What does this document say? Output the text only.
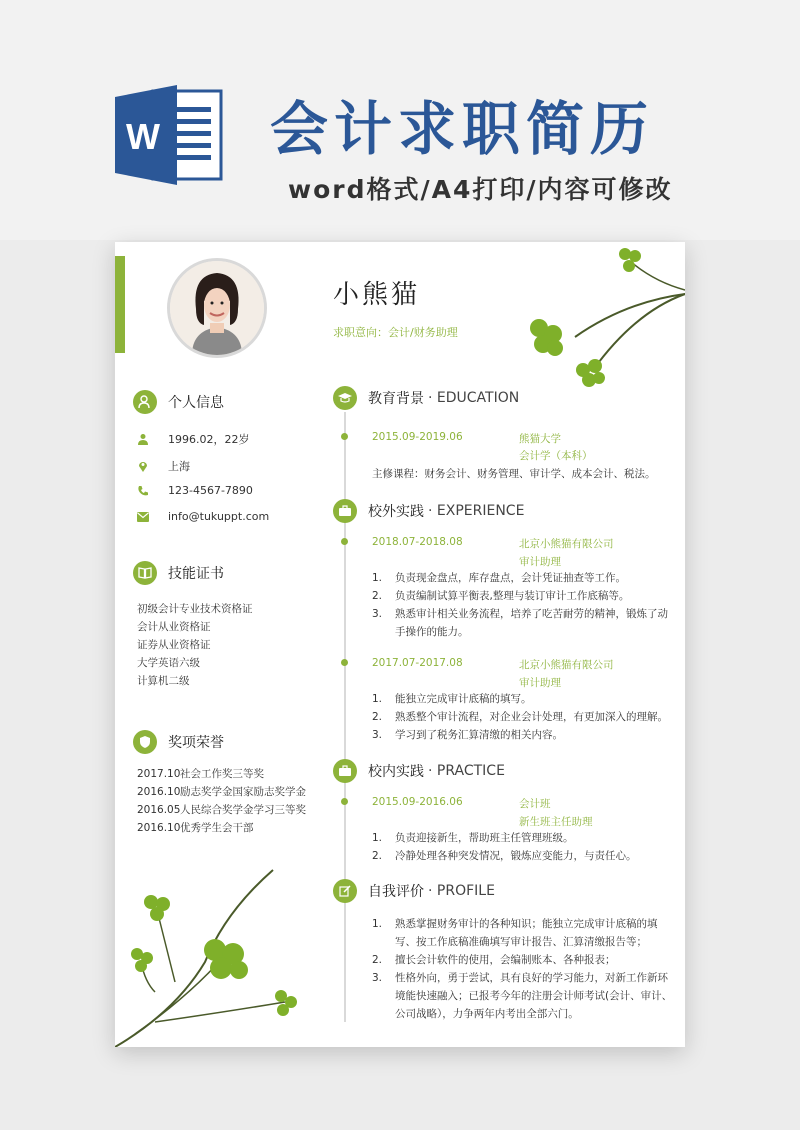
W 会计求职简历
word格式/A4打印/内容可修改
小熊猫
求职意向：会计/财务助理
个人信息
1996.02，22岁
上海
123-4567-7890
info@tukuppt.com
技能证书
初级会计专业技术资格证
会计从业资格证
证券从业资格证
大学英语六级
计算机二级
奖项荣誉
2017.10 社会工作奖三等奖
2016.10 励志奖学金国家励志奖学金
2016.05 人民综合奖学金学习三等奖
2016.10 优秀学生会干部
教育背景 · EDUCATION
2015.09-2019.06	熊猫大学
会计学（本科）
主修课程：财务会计、财务管理、审计学、成本会计、税法。
校外实践 · EXPERIENCE
2018.07-2018.08	北京小熊猫有限公司
审计助理
1.	负责现金盘点，库存盘点，会计凭证抽查等工作。
2.	负责编制试算平衡表,整理与装订审计工作底稿等。
3.	熟悉审计相关业务流程，培养了吃苦耐劳的精神，锻炼了动
手操作的能力。
2017.07-2017.08	北京小熊猫有限公司
审计助理
1.	能独立完成审计底稿的填写。
2.	熟悉整个审计流程，对企业会计处理，有更加深入的理解。
3.	学习到了税务汇算清缴的相关内容。
校内实践 · PRACTICE
2015.09-2016.06	会计班
新生班主任助理
1.	负责迎接新生，帮助班主任管理班级。
2.	冷静处理各种突发情况，锻炼应变能力，与责任心。
自我评价 · PROFILE
1.	熟悉掌握财务审计的各种知识；能独立完成审计底稿的填
写、按工作底稿准确填写审计报告、汇算清缴报告等；
2.	擅长会计软件的使用，会编制账本、各种报表；
3.	性格外向，勇于尝试，具有良好的学习能力，对新工作新环
境能快速融入；已报考今年的注册会计师考试(会计、审计、
公司战略），力争两年内考出全部六门。
